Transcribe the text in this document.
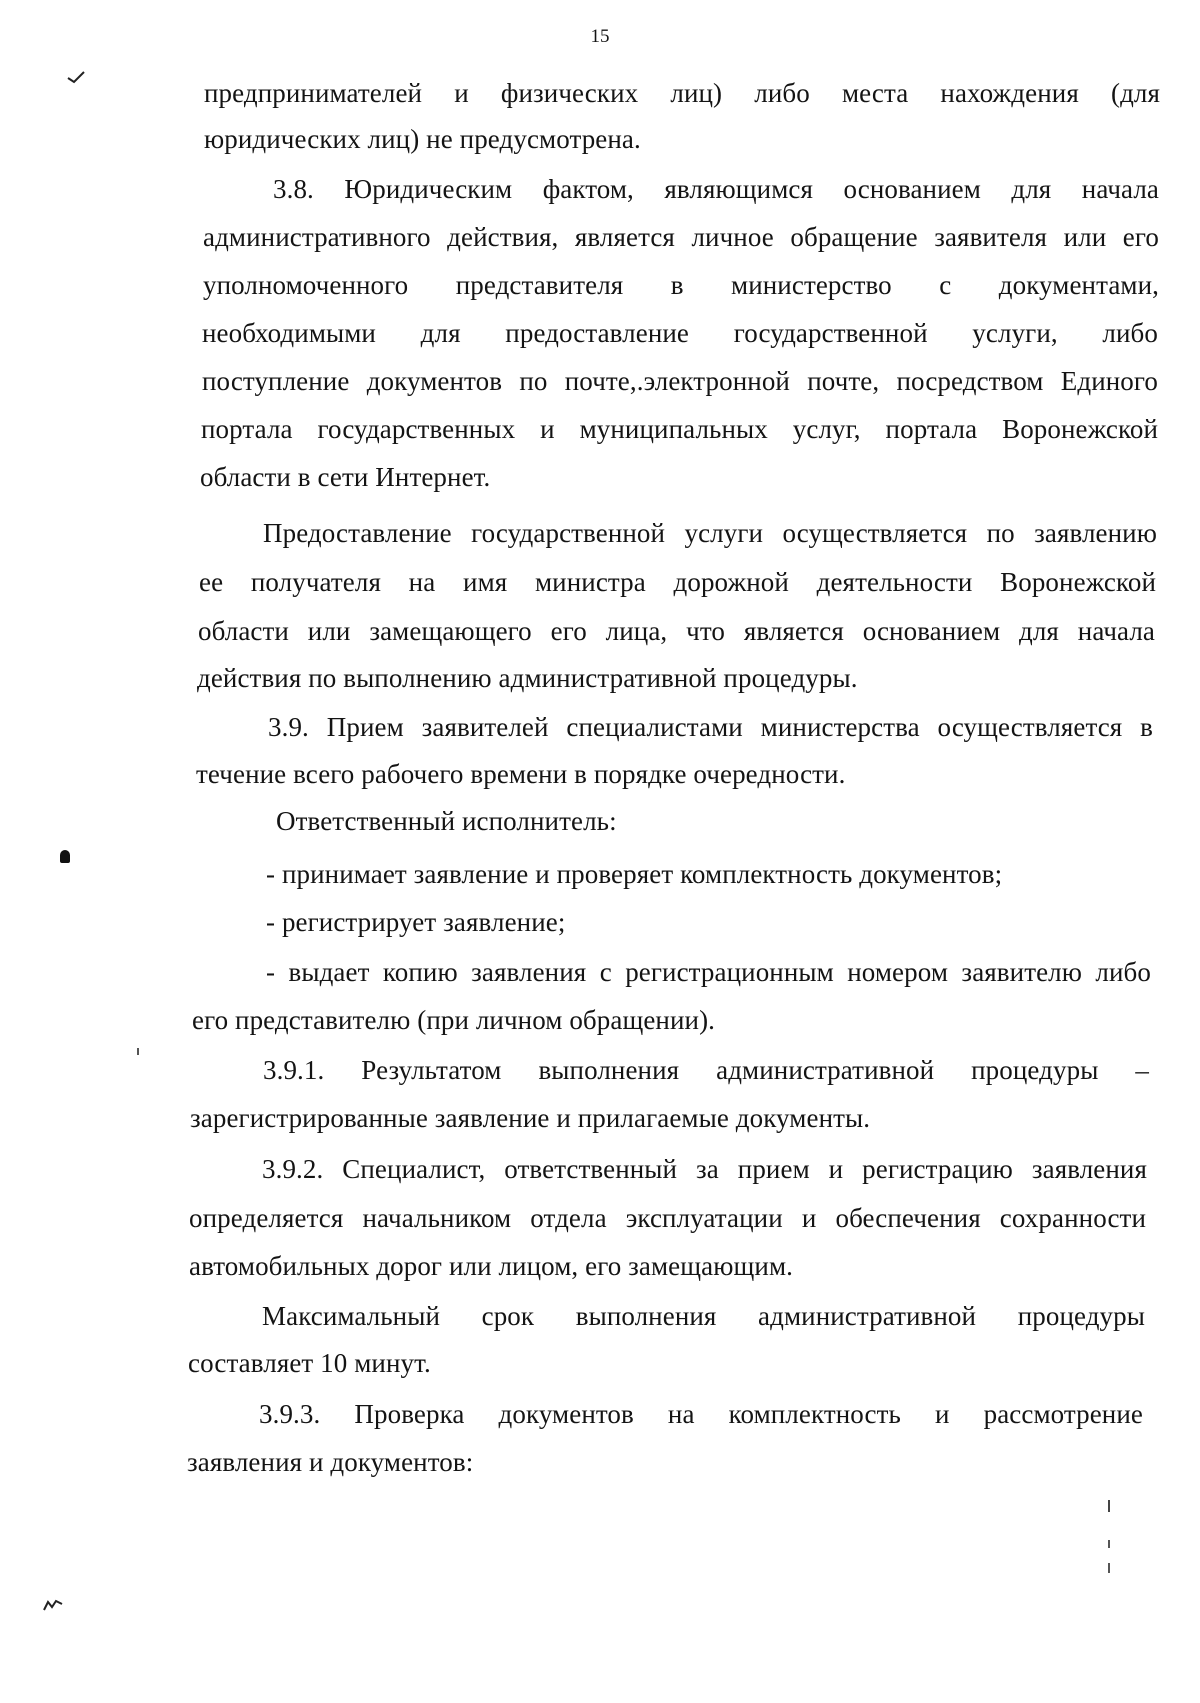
15
предпринимателей и физических лиц) либо места нахождения (для
юридических лиц) не предусмотрена.
3.8. Юридическим фактом, являющимся основанием для начала
административного действия, является личное обращение заявителя или его
уполномоченного представителя в министерство с документами,
необходимыми для предоставление государственной услуги, либо
поступление документов по почте,.электронной почте, посредством Единого
портала государственных и муниципальных услуг, портала Воронежской
области в сети Интернет.
Предоставление государственной услуги осуществляется по заявлению
ее получателя на имя министра дорожной деятельности Воронежской
области или замещающего его лица, что является основанием для начала
действия по выполнению административной процедуры.
3.9. Прием заявителей специалистами министерства осуществляется в
течение всего рабочего времени в порядке очередности.
Ответственный исполнитель:
- принимает заявление и проверяет комплектность документов;
- регистрирует заявление;
- выдает копию заявления с регистрационным номером заявителю либо
его представителю (при личном обращении).
3.9.1. Результатом выполнения административной процедуры –
зарегистрированные заявление и прилагаемые документы.
3.9.2. Специалист, ответственный за прием и регистрацию заявления
определяется начальником отдела эксплуатации и обеспечения сохранности
автомобильных дорог или лицом, его замещающим.
Максимальный срок выполнения административной процедуры
составляет 10 минут.
3.9.3. Проверка документов на комплектность и рассмотрение
заявления и документов:
